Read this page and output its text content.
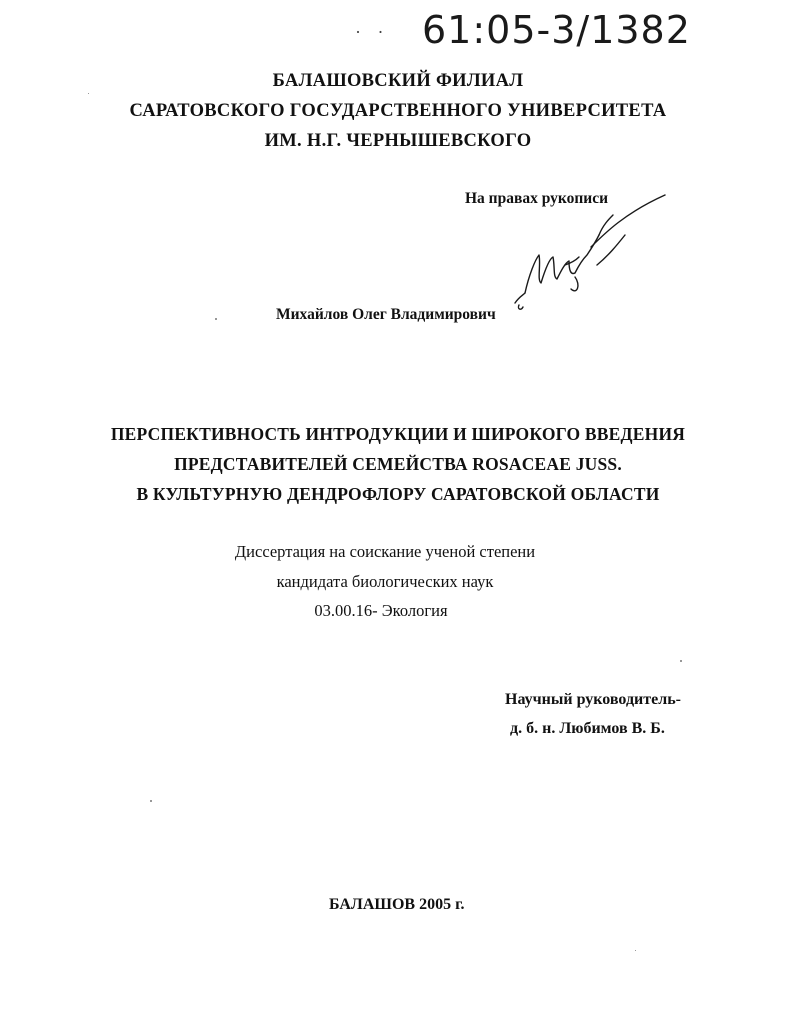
· · 61:05-3/1382
БАЛАШОВСКИЙ ФИЛИАЛ
САРАТОВСКОГО ГОСУДАРСТВЕННОГО УНИВЕРСИТЕТА
ИМ. Н.Г. ЧЕРНЫШЕВСКОГО
На правах рукописи
Михайлов Олег Владимирович
ПЕРСПЕКТИВНОСТЬ ИНТРОДУКЦИИ И ШИРОКОГО ВВЕДЕНИЯ
ПРЕДСТАВИТЕЛЕЙ СЕМЕЙСТВА ROSACEAE JUSS.
В КУЛЬТУРНУЮ ДЕНДРОФЛОРУ САРАТОВСКОЙ ОБЛАСТИ
Диссертация на соискание ученой степени
кандидата биологических наук
03.00.16- Экология
Научный руководитель-
д. б. н. Любимов В. Б.
БАЛАШОВ 2005 г.
